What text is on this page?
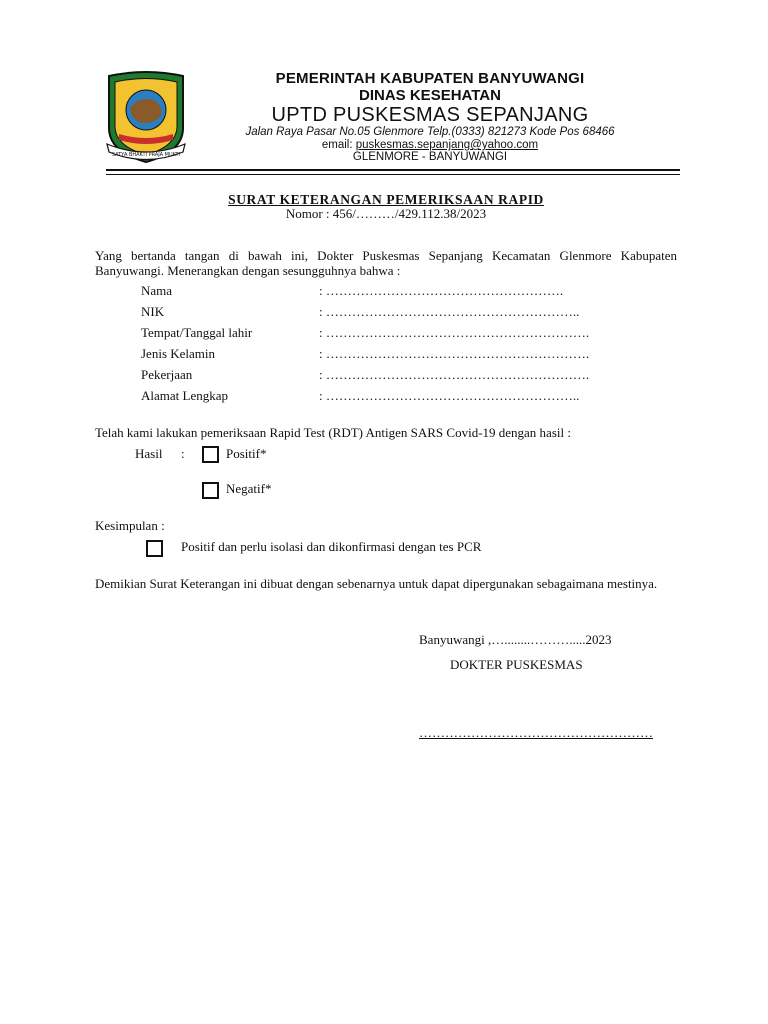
SATYA BHAKTI PRAJA MUKTI
PEMERINTAH KABUPATEN BANYUWANGI
DINAS KESEHATAN
UPTD PUSKESMAS SEPANJANG
Jalan Raya Pasar No.05 Glenmore Telp.(0333) 821273 Kode Pos 68466
email: puskesmas.sepanjang@yahoo.com
GLENMORE - BANYUWANGI
SURAT KETERANGAN PEMERIKSAAN RAPID
Nomor : 456/………/429.112.38/2023
Yang bertanda tangan di bawah ini, Dokter Puskesmas Sepanjang Kecamatan Glenmore Kabupaten Banyuwangi. Menerangkan dengan sesungguhnya bahwa :
Nama	: ……………………………………………….
NIK	: …………………………………………………..
Tempat/Tanggal lahir	: …………………………………………………….
Jenis Kelamin	: …………………………………………………….
Pekerjaan	: …………………………………………………….
Alamat Lengkap	: …………………………………………………..
Telah kami lakukan pemeriksaan Rapid Test (RDT) Antigen SARS Covid-19 dengan hasil :
Hasil :	Positif*
Negatif*
Kesimpulan :
Positif dan perlu isolasi dan dikonfirmasi dengan tes PCR
Demikian Surat Keterangan ini dibuat dengan sebenarnya untuk dapat dipergunakan sebagaimana mestinya.
Banyuwangi ,…........……….....2023
DOKTER PUSKESMAS
………………………………………………
